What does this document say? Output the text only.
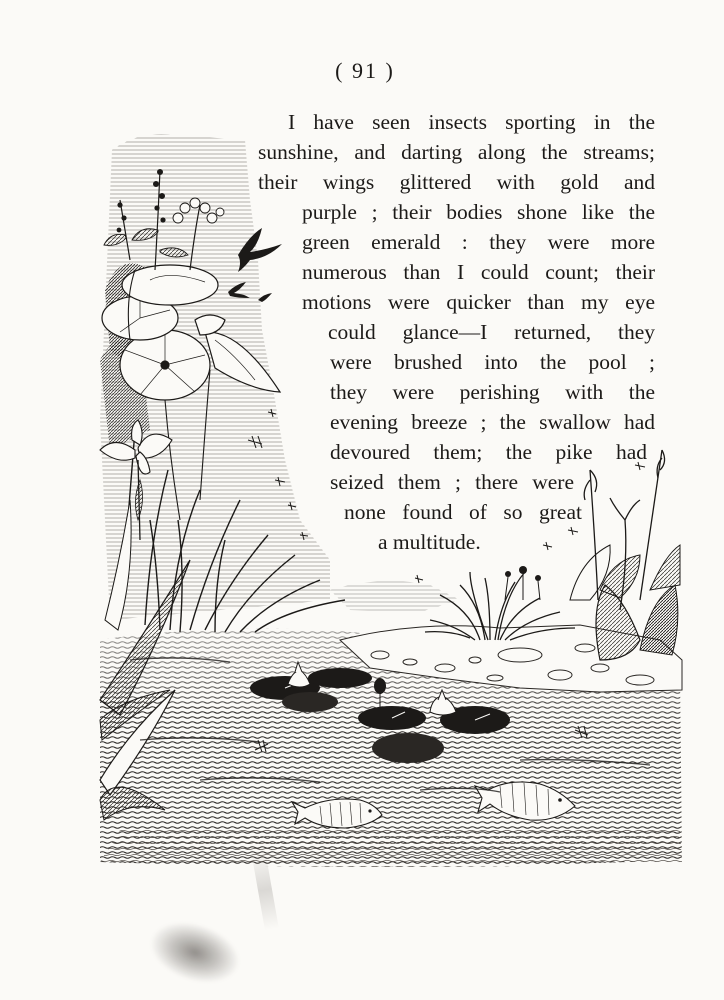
( 91 )
I have seen insects sporting in the
sunshine, and darting along the streams;
their wings glittered with gold and
purple ; their bodies shone like the
green emerald : they were more
numerous than I could count; their
motions were quicker than my eye
could glance—I returned, they
were brushed into the pool ;
they were perishing with the
evening breeze ; the swallow had
devoured them; the pike had
seized them ; there were
none found of so great
a multitude.
